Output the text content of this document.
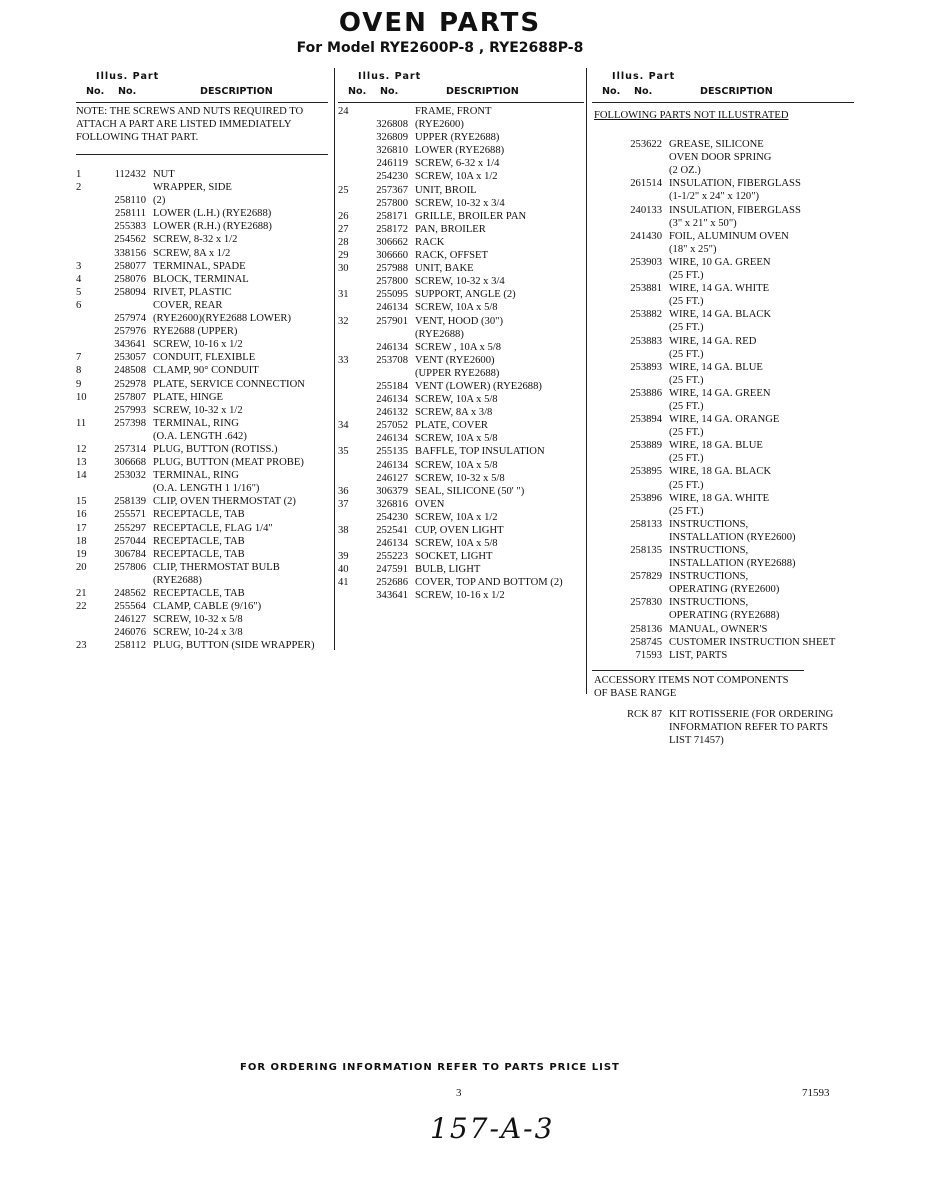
OVEN PARTS
For Model RYE2600P-8 , RYE2688P-8
Illus. Part
No. No.	DESCRIPTION
NOTE: THE SCREWS AND NUTS REQUIRED TO ATTACH A PART ARE LISTED IMMEDIATELY FOLLOWING THAT PART.
1	112432 NUT
2	WRAPPER, SIDE
258110 (2)
258111 LOWER (L.H.) (RYE2688)
255383 LOWER (R.H.) (RYE2688)
254562 SCREW, 8-32 x 1/2
338156 SCREW, 8A x 1/2
3	258077 TERMINAL, SPADE
4	258076 BLOCK, TERMINAL
5	258094 RIVET, PLASTIC
6	COVER, REAR
257974 (RYE2600)(RYE2688 LOWER)
257976 RYE2688 (UPPER)
343641 SCREW, 10-16 x 1/2
7	253057 CONDUIT, FLEXIBLE
8	248508 CLAMP, 90° CONDUIT
9	252978 PLATE, SERVICE CONNECTION
10	257807 PLATE, HINGE
257993 SCREW, 10-32 x 1/2
11	257398 TERMINAL, RING
(O.A. LENGTH .642)
12	257314 PLUG, BUTTON (ROTISS.)
13	306668 PLUG, BUTTON (MEAT PROBE)
14	253032 TERMINAL, RING
(O.A. LENGTH 1 1/16")
15	258139 CLIP, OVEN THERMOSTAT (2)
16	255571 RECEPTACLE, TAB
17	255297 RECEPTACLE, FLAG 1/4"
18	257044 RECEPTACLE, TAB
19	306784 RECEPTACLE, TAB
20	257806 CLIP, THERMOSTAT BULB
(RYE2688)
21	248562 RECEPTACLE, TAB
22	255564 CLAMP, CABLE (9/16")
246127 SCREW, 10-32 x 5/8
246076 SCREW, 10-24 x 3/8
23	258112 PLUG, BUTTON (SIDE WRAPPER)
Illus. Part
No. No.	DESCRIPTION
24	FRAME, FRONT
326808 (RYE2600)
326809 UPPER (RYE2688)
326810 LOWER (RYE2688)
246119 SCREW, 6-32 x 1/4
254230 SCREW, 10A x 1/2
25	257367 UNIT, BROIL
257800 SCREW, 10-32 x 3/4
26	258171 GRILLE, BROILER PAN
27	258172 PAN, BROILER
28	306662 RACK
29	306660 RACK, OFFSET
30	257988 UNIT, BAKE
257800 SCREW, 10-32 x 3/4
31	255095 SUPPORT, ANGLE (2)
246134 SCREW, 10A x 5/8
32	257901 VENT, HOOD (30")
(RYE2688)
246134 SCREW , 10A x 5/8
33	253708 VENT (RYE2600)
(UPPER RYE2688)
255184 VENT (LOWER) (RYE2688)
246134 SCREW, 10A x 5/8
246132 SCREW, 8A x 3/8
34	257052 PLATE, COVER
246134 SCREW, 10A x 5/8
35	255135 BAFFLE, TOP INSULATION
246134 SCREW, 10A x 5/8
246127 SCREW, 10-32 x 5/8
36	306379 SEAL, SILICONE (50' ")
37	326816 OVEN
254230 SCREW, 10A x 1/2
38	252541 CUP, OVEN LIGHT
246134 SCREW, 10A x 5/8
39	255223 SOCKET, LIGHT
40	247591 BULB, LIGHT
41	252686 COVER, TOP AND BOTTOM (2)
343641 SCREW, 10-16 x 1/2
Illus. Part
No. No.	DESCRIPTION
FOLLOWING PARTS NOT ILLUSTRATED
253622 GREASE, SILICONE
OVEN DOOR SPRING
(2 OZ.)
261514 INSULATION, FIBERGLASS
(1-1/2" x 24" x 120")
240133 INSULATION, FIBERGLASS
(3" x 21" x 50")
241430 FOIL, ALUMINUM OVEN
(18" x 25")
253903 WIRE, 10 GA. GREEN
(25 FT.)
253881 WIRE, 14 GA. WHITE
(25 FT.)
253882 WIRE, 14 GA. BLACK
(25 FT.)
253883 WIRE, 14 GA. RED
(25 FT.)
253893 WIRE, 14 GA. BLUE
(25 FT.)
253886 WIRE, 14 GA. GREEN
(25 FT.)
253894 WIRE, 14 GA. ORANGE
(25 FT.)
253889 WIRE, 18 GA. BLUE
(25 FT.)
253895 WIRE, 18 GA. BLACK
(25 FT.)
253896 WIRE, 18 GA. WHITE
(25 FT.)
258133 INSTRUCTIONS,
INSTALLATION (RYE2600)
258135 INSTRUCTIONS,
INSTALLATION (RYE2688)
257829 INSTRUCTIONS,
OPERATING (RYE2600)
257830 INSTRUCTIONS,
OPERATING (RYE2688)
258136 MANUAL, OWNER'S
258745 CUSTOMER INSTRUCTION SHEET
71593 LIST, PARTS
ACCESSORY ITEMS NOT COMPONENTS
OF BASE RANGE
RCK 87 KIT ROTISSERIE (FOR ORDERING
INFORMATION REFER TO PARTS
LIST 71457)
FOR ORDERING INFORMATION REFER TO PARTS PRICE LIST
3	71593
157-A-3
